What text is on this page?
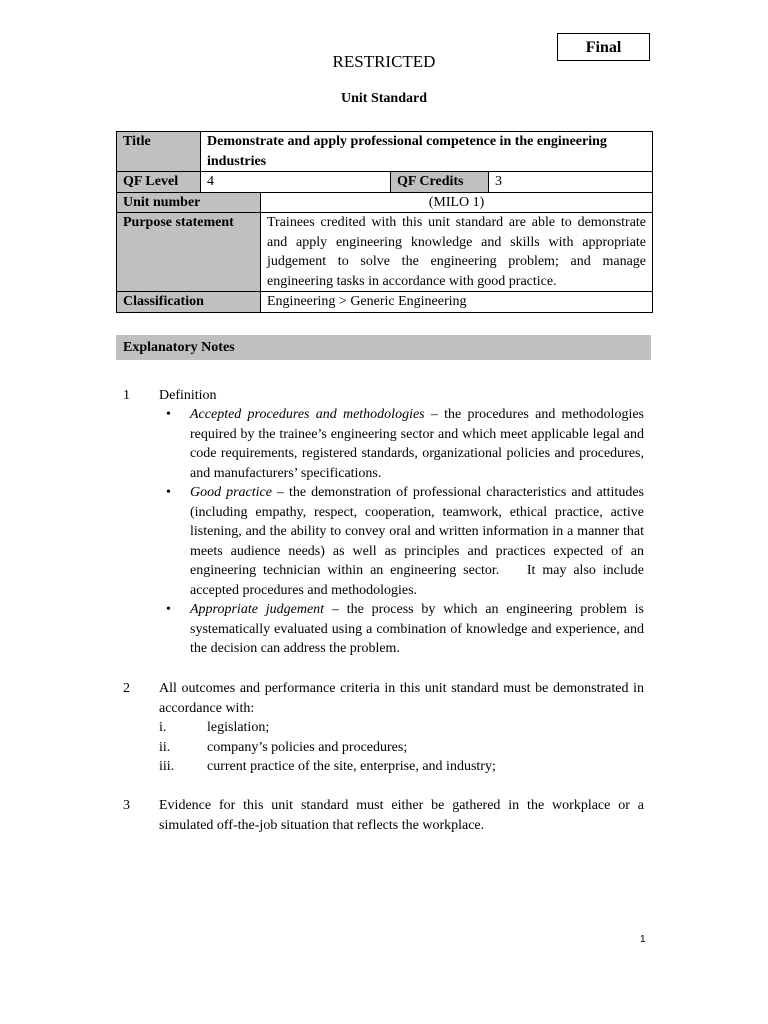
Final
RESTRICTED
Unit Standard
Title	Demonstrate and apply professional competence in the engineering industries			
QF Level	4		QF Credits	3
Unit number		(MILO 1)		
Purpose statement		Trainees credited with this unit standard are able to demonstrate and apply engineering knowledge and skills with appropriate judgement to solve the engineering problem; and manage engineering tasks in accordance with good practice.		
Classification		Engineering > Generic Engineering		
Explanatory Notes
1 Definition
• Accepted procedures and methodologies – the procedures and methodologies required by the trainee’s engineering sector and which meet applicable legal and code requirements, registered standards, organizational policies and procedures, and manufacturers’ specifications.
• Good practice – the demonstration of professional characteristics and attitudes (including empathy, respect, cooperation, teamwork, ethical practice, active listening, and the ability to convey oral and written information in a manner that meets audience needs) as well as principles and practices expected of an engineering technician within an engineering sector.    It may also include accepted procedures and methodologies.
• Appropriate judgement – the process by which an engineering problem is systematically evaluated using a combination of knowledge and experience, and the decision can address the problem.
2 All outcomes and performance criteria in this unit standard must be demonstrated in accordance with:
i.	legislation;
ii.	company’s policies and procedures;
iii.	current practice of the site, enterprise, and industry;
3 Evidence for this unit standard must either be gathered in the workplace or a simulated off-the-job situation that reflects the workplace.
1
